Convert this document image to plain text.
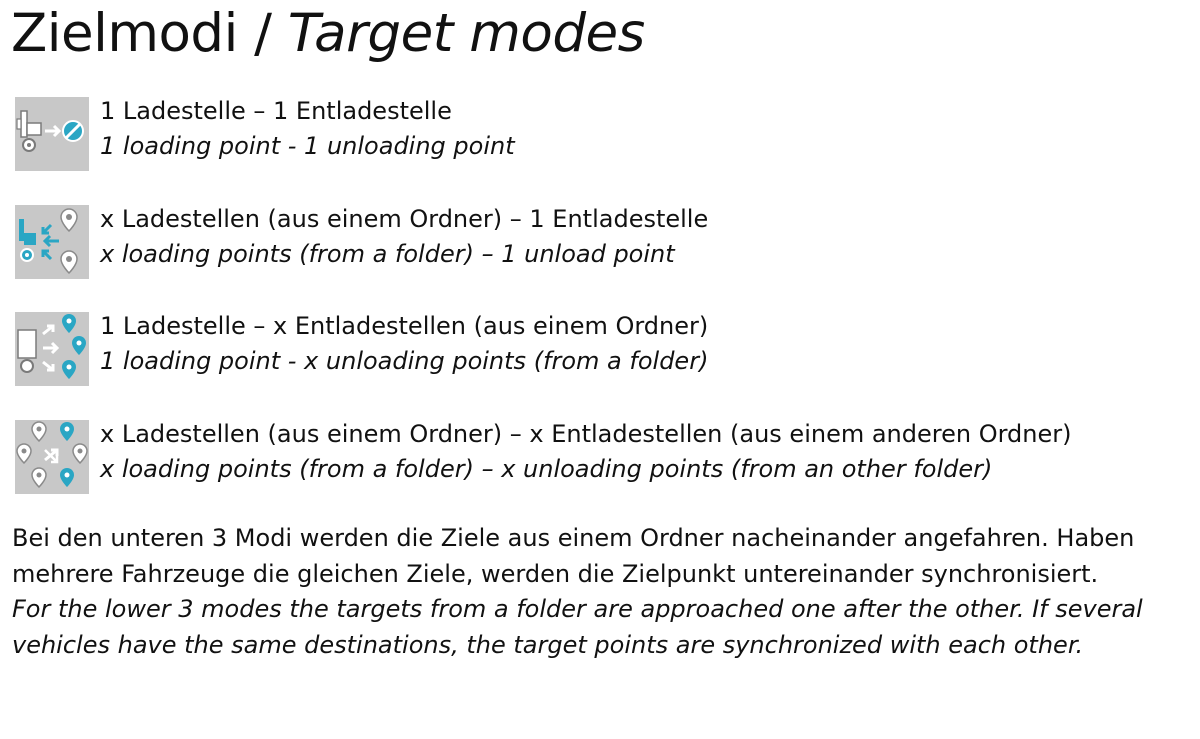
Zielmodi / Target modes
1 Ladestelle – 1 Entladestelle
1 loading point - 1 unloading point
x Ladestellen (aus einem Ordner) – 1 Entladestelle
x loading points (from a folder) – 1 unload point
1 Ladestelle – x Entladestellen (aus einem Ordner)
1 loading point - x unloading points (from a folder)
x Ladestellen (aus einem Ordner) – x Entladestellen (aus einem anderen Ordner)
x loading points (from a folder) – x unloading points (from an other folder)

Bei den unteren 3 Modi werden die Ziele aus einem Ordner nacheinander angefahren. Haben mehrere Fahrzeuge die gleichen Ziele, werden die Zielpunkt untereinander synchronisiert.

For the lower 3 modes the targets from a folder are approached one after the other. If several vehicles have the same destinations, the target points are synchronized with each other.
